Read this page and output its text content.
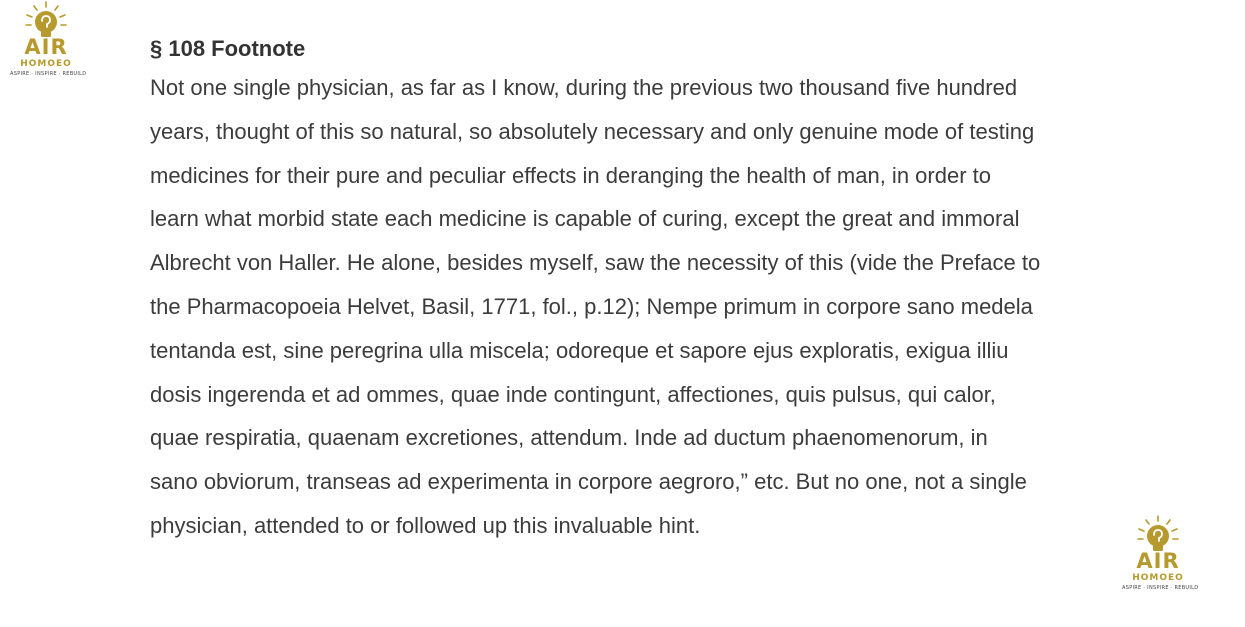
AIR
HOMOEO
ASPIRE · INSPIRE · REBUILD
§ 108 Footnote

Not one single physician, as far as I know, during the previous two thousand five hundred
years, thought of this so natural, so absolutely necessary and only genuine mode of testing
medicines for their pure and peculiar effects in deranging the health of man, in order to
learn what morbid state each medicine is capable of curing, except the great and immoral
Albrecht von Haller. He alone, besides myself, saw the necessity of this (vide the Preface to
the Pharmacopoeia Helvet, Basil, 1771, fol., p.12); Nempe primum in corpore sano medela
tentanda est, sine peregrina ulla miscela; odoreque et sapore ejus exploratis, exigua illiu
dosis ingerenda et ad ommes, quae inde contingunt, affectiones, quis pulsus, qui calor,
quae respiratia, quaenam excretiones, attendum. Inde ad ductum phaenomenorum, in
sano obviorum, transeas ad experimenta in corpore aegroro,” etc. But no one, not a single
physician, attended to or followed up this invaluable hint.

AIR
HOMOEO
ASPIRE · INSPIRE · REBUILD
